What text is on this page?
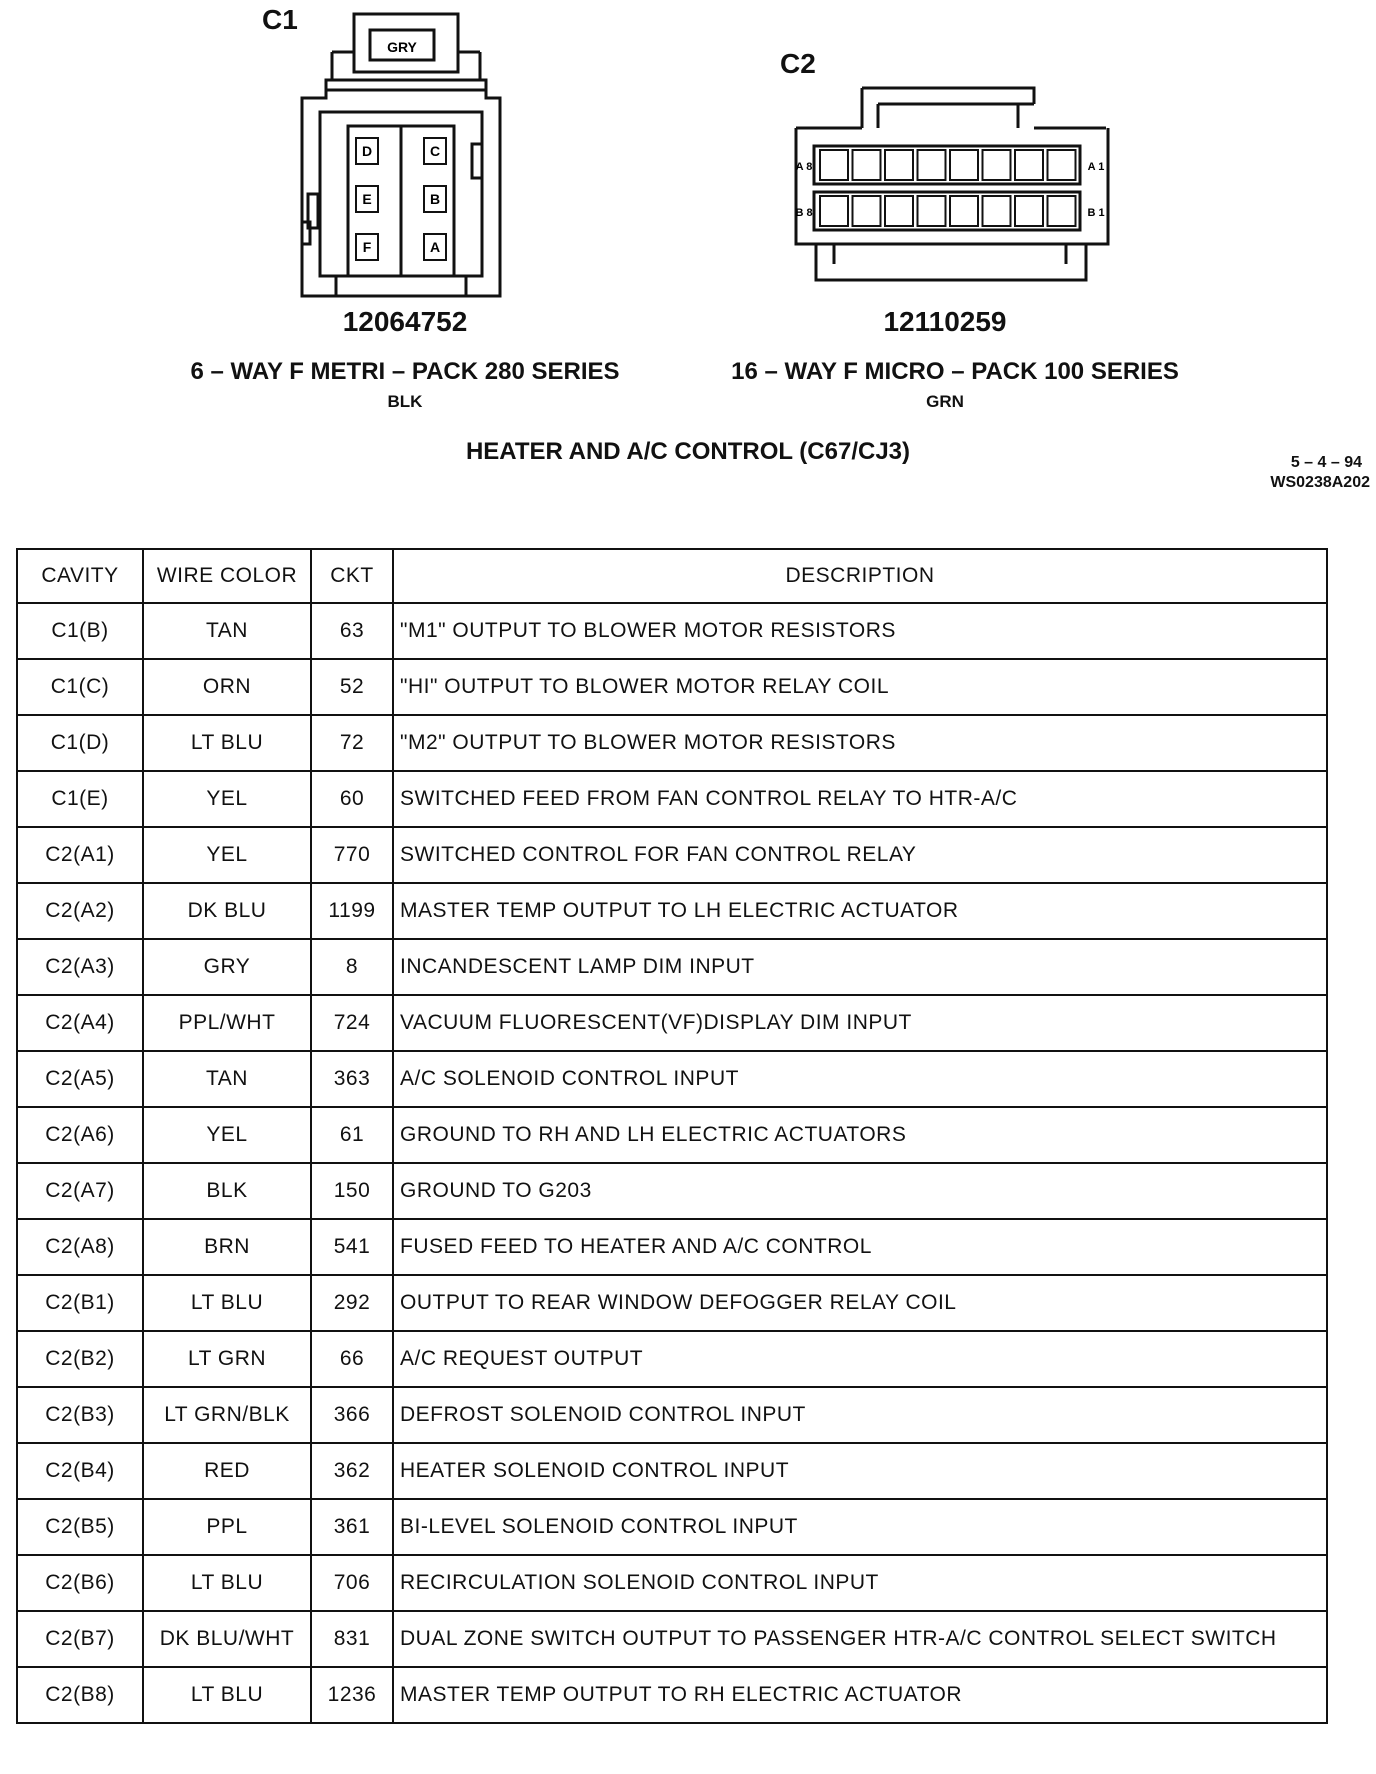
C1
GRY
D	C
E	B
F	A
12064752
6 – WAY F METRI – PACK 280 SERIES
BLK
C2
A 8	A 1
B 8	B 1
12110259
16 – WAY F MICRO – PACK 100 SERIES
GRN
HEATER AND A/C CONTROL (C67/CJ3)	5 – 4 – 94
WS0238A202
CAVITY	WIRE COLOR	CKT	DESCRIPTION
C1(B)	TAN	63	"M1" OUTPUT TO BLOWER MOTOR RESISTORS
C1(C)	ORN	52	"HI" OUTPUT TO BLOWER MOTOR RELAY COIL
C1(D)	LT BLU	72	"M2" OUTPUT TO BLOWER MOTOR RESISTORS
C1(E)	YEL	60	SWITCHED FEED FROM FAN CONTROL RELAY TO HTR-A/C
C2(A1)	YEL	770	SWITCHED CONTROL FOR FAN CONTROL RELAY
C2(A2)	DK BLU	1199	MASTER TEMP OUTPUT TO LH ELECTRIC ACTUATOR
C2(A3)	GRY	8	INCANDESCENT LAMP DIM INPUT
C2(A4)	PPL/WHT	724	VACUUM FLUORESCENT(VF)DISPLAY DIM INPUT
C2(A5)	TAN	363	A/C SOLENOID CONTROL INPUT
C2(A6)	YEL	61	GROUND TO RH AND LH ELECTRIC ACTUATORS
C2(A7)	BLK	150	GROUND TO G203
C2(A8)	BRN	541	FUSED FEED TO HEATER AND A/C CONTROL
C2(B1)	LT BLU	292	OUTPUT TO REAR WINDOW DEFOGGER RELAY COIL
C2(B2)	LT GRN	66	A/C REQUEST OUTPUT
C2(B3)	LT GRN/BLK	366	DEFROST SOLENOID CONTROL INPUT
C2(B4)	RED	362	HEATER SOLENOID CONTROL INPUT
C2(B5)	PPL	361	BI-LEVEL SOLENOID CONTROL INPUT
C2(B6)	LT BLU	706	RECIRCULATION SOLENOID CONTROL INPUT
C2(B7)	DK BLU/WHT	831	DUAL ZONE SWITCH OUTPUT TO PASSENGER HTR-A/C CONTROL SELECT SWITCH
C2(B8)	LT BLU	1236	MASTER TEMP OUTPUT TO RH ELECTRIC ACTUATOR
